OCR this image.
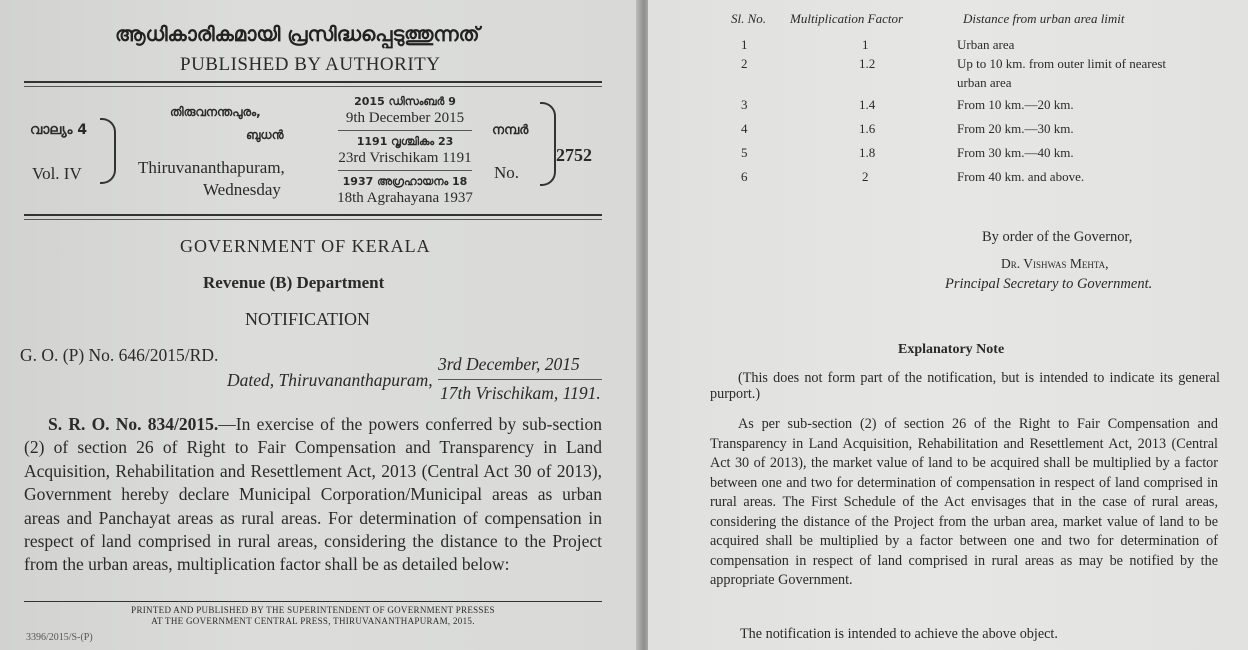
ആധികാരികമായി പ്രസിദ്ധപ്പെടുത്തുന്നത്
PUBLISHED BY AUTHORITY
വാല്യം 4
Vol. IV
തിരുവനന്തപുരം,
ബുധൻ
Thiruvananthapuram,
Wednesday
2015 ഡിസംബർ 9
9th December 2015
1191 വൃശ്ചികം 23
23rd Vrischikam 1191
1937 അഗ്രഹായനം 18
18th Agrahayana 1937
നമ്പർ
No.
2752
GOVERNMENT OF KERALA
Revenue (B) Department
NOTIFICATION
G. O. (P) No. 646/2015/RD.
Dated, Thiruvananthapuram,
3rd December, 2015
17th Vrischikam, 1191.
S. R. O. No. 834/2015.—In exercise of the powers conferred by sub-section (2) of section 26 of Right to Fair Compensation and Transparency in Land Acquisition, Rehabilitation and Resettlement Act, 2013 (Central Act 30 of 2013), Government hereby declare Municipal Corporation/Municipal areas as urban areas and Panchayat areas as rural areas. For determination of compensation in respect of land comprised in rural areas, considering the distance to the Project from the urban areas, multiplication factor shall be as detailed below:
PRINTED AND PUBLISHED BY THE SUPERINTENDENT OF GOVERNMENT PRESSES
AT THE GOVERNMENT CENTRAL PRESS, THIRUVANANTHAPURAM, 2015.
3396/2015/S-(P)
Sl. No. Multiplication Factor	Distance from urban area limit
1	1	Urban area
2	1.2	Up to 10 km. from outer limit of nearest
urban area
3	1.4	From 10 km.—20 km.
4	1.6	From 20 km.—30 km.
5	1.8	From 30 km.—40 km.
6	2	From 40 km. and above.
By order of the Governor,
Dr. Vishwas Mehta,
Principal Secretary to Government.
Explanatory Note
(This does not form part of the notification, but is intended to indicate its general purport.)
As per sub-section (2) of section 26 of the Right to Fair Compensation and Transparency in Land Acquisition, Rehabilitation and Resettlement Act, 2013 (Central Act 30 of 2013), the market value of land to be acquired shall be multiplied by a factor between one and two for determination of compensation in respect of land comprised in rural areas. The First Schedule of the Act envisages that in the case of rural areas, considering the distance of the Project from the urban area, market value of land to be acquired shall be multiplied by a factor between one and two for determination of compensation in respect of land comprised in rural areas as may be notified by the appropriate Government.
The notification is intended to achieve the above object.
